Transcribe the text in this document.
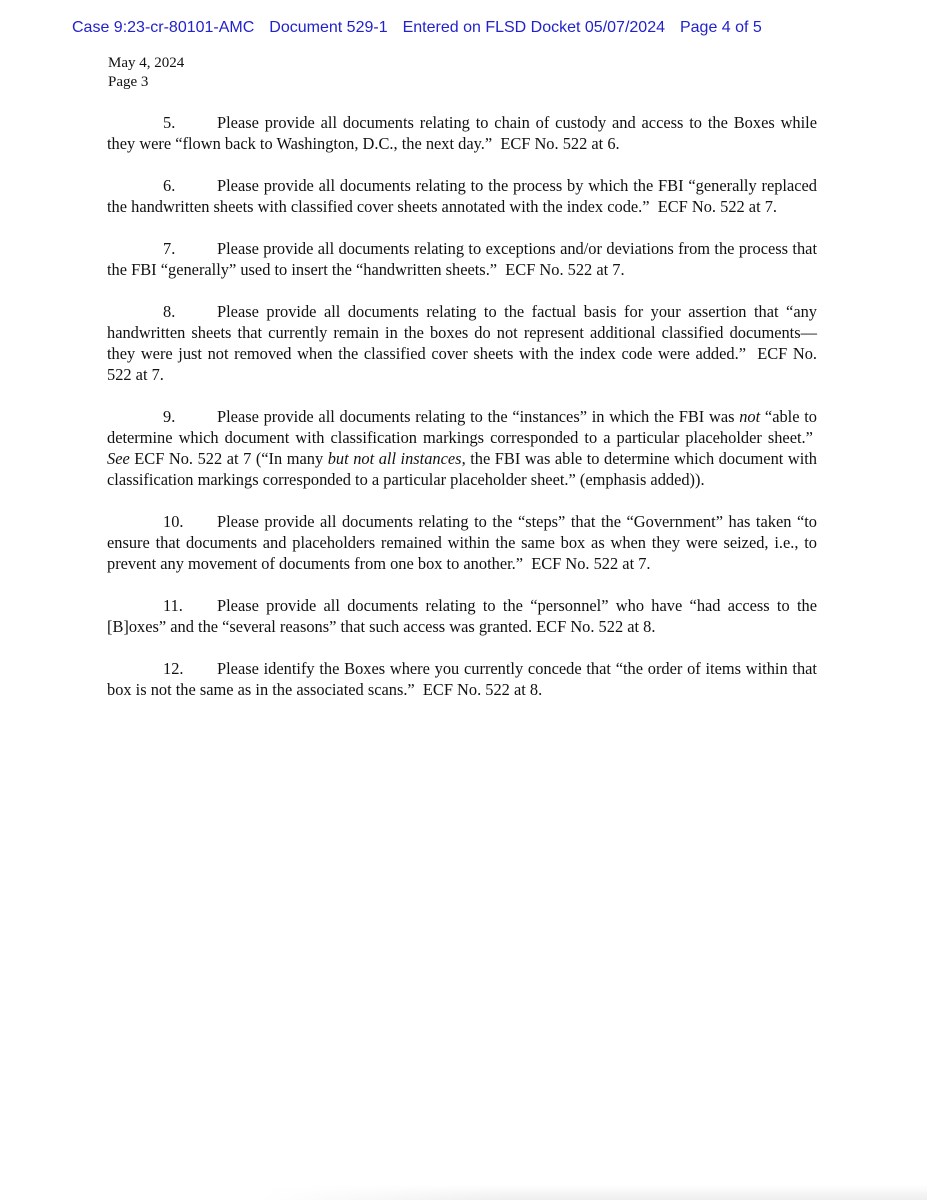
Case 9:23-cr-80101-AMC Document 529-1 Entered on FLSD Docket 05/07/2024 Page 4 of 5
May 4, 2024
Page 3

5.	Please provide all documents relating to chain of custody and access to the Boxes while they were “flown back to Washington, D.C., the next day.”  ECF No. 522 at 6.

6.	Please provide all documents relating to the process by which the FBI “generally replaced the handwritten sheets with classified cover sheets annotated with the index code.”  ECF No. 522 at 7.

7.	Please provide all documents relating to exceptions and/or deviations from the process that the FBI “generally” used to insert the “handwritten sheets.”  ECF No. 522 at 7.

8.	Please provide all documents relating to the factual basis for your assertion that “any handwritten sheets that currently remain in the boxes do not represent additional classified documents—they were just not removed when the classified cover sheets with the index code were added.”  ECF No. 522 at 7.

9.	Please provide all documents relating to the “instances” in which the FBI was not “able to determine which document with classification markings corresponded to a particular placeholder sheet.”  See ECF No. 522 at 7 (“In many but not all instances, the FBI was able to determine which document with classification markings corresponded to a particular placeholder sheet.” (emphasis added)).

10. Please provide all documents relating to the “steps” that the “Government” has taken “to ensure that documents and placeholders remained within the same box as when they were seized, i.e., to prevent any movement of documents from one box to another.”  ECF No. 522 at 7.

11. Please provide all documents relating to the “personnel” who have “had access to the [B]oxes” and the “several reasons” that such access was granted. ECF No. 522 at 8.

12. Please identify the Boxes where you currently concede that “the order of items within that box is not the same as in the associated scans.”  ECF No. 522 at 8.
